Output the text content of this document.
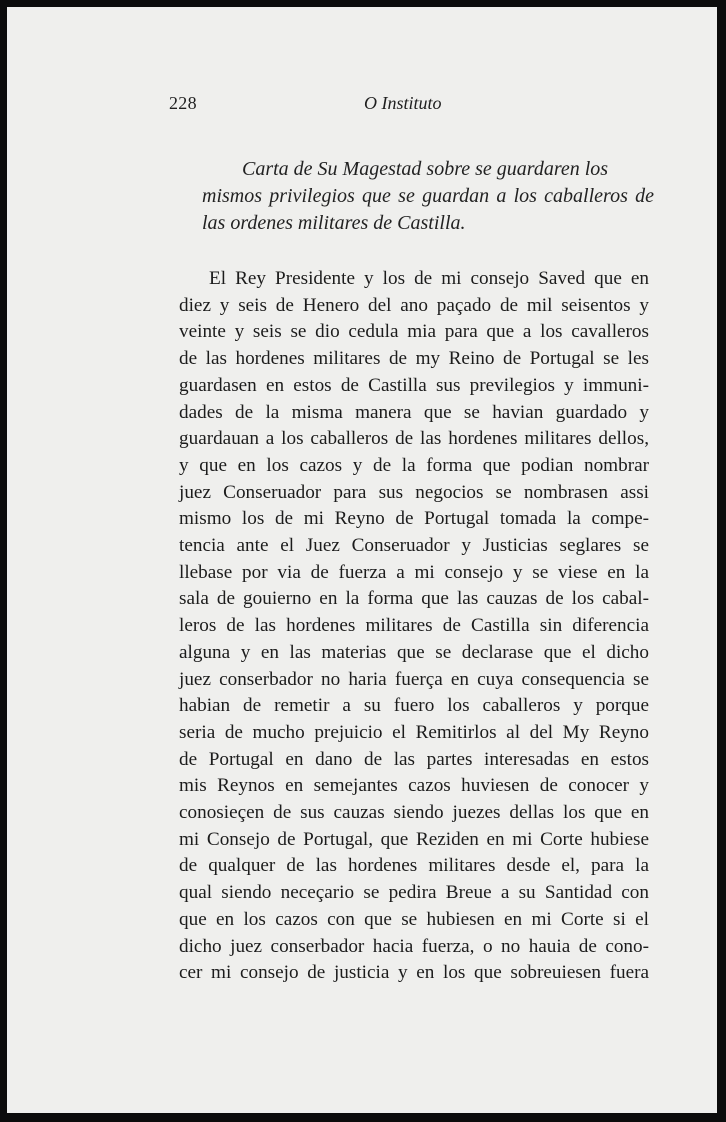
228	O Instituto
Carta de Su Magestad sobre se guardaren los
mismos privilegios que se guardan a los caballeros de las ordenes militares de Castilla.
El Rey Presidente y los de mi consejo Saved que en
diez y seis de Henero del ano paçado de mil seisentos y
veinte y seis se dio cedula mia para que a los cavalleros
de las hordenes militares de my Reino de Portugal se les
guardasen en estos de Castilla sus previlegios y immuni-
dades de la misma manera que se havian guardado y
guardauan a los caballeros de las hordenes militares dellos,
y que en los cazos y de la forma que podian nombrar
juez Conseruador para sus negocios se nombrasen assi
mismo los de mi Reyno de Portugal tomada la compe-
tencia ante el Juez Conseruador y Justicias seglares se
llebase por via de fuerza a mi consejo y se viese en la
sala de gouierno en la forma que las cauzas de los cabal-
leros de las hordenes militares de Castilla sin diferencia
alguna y en las materias que se declarase que el dicho
juez conserbador no haria fuerça en cuya consequencia se
habian de remetir a su fuero los caballeros y porque
seria de mucho prejuicio el Remitirlos al del My Reyno
de Portugal en dano de las partes interesadas en estos
mis Reynos en semejantes cazos huviesen de conocer y
conosieçen de sus cauzas siendo juezes dellas los que en
mi Consejo de Portugal, que Reziden en mi Corte hubiese
de qualquer de las hordenes militares desde el, para la
qual siendo neceçario se pedira Breue a su Santidad con
que en los cazos con que se hubiesen en mi Corte si el
dicho juez conserbador hacia fuerza, o no hauia de cono-
cer mi consejo de justicia y en los que sobreuiesen fuera
